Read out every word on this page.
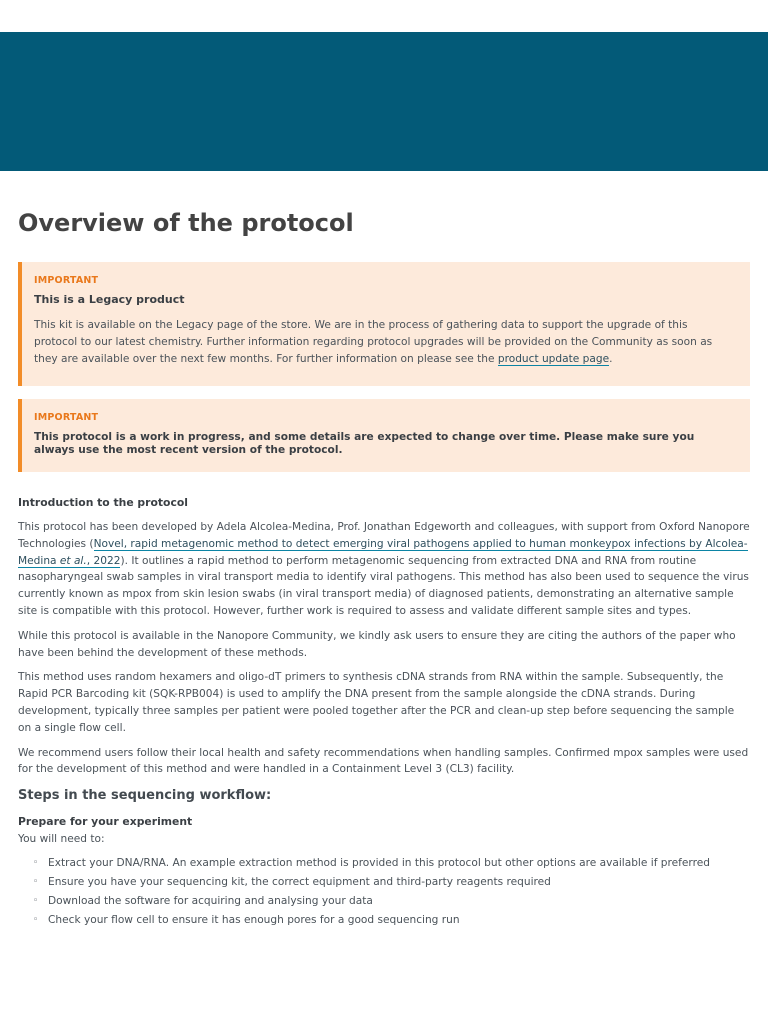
Overview of the protocol
IMPORTANT
This is a Legacy product
This kit is available on the Legacy page of the store. We are in the process of gathering data to support the upgrade of this protocol to our latest chemistry. Further information regarding protocol upgrades will be provided on the Community as soon as they are available over the next few months. For further information on please see the product update page.
IMPORTANT
This protocol is a work in progress, and some details are expected to change over time. Please make sure you always use the most recent version of the protocol.
Introduction to the protocol

This protocol has been developed by Adela Alcolea-Medina, Prof. Jonathan Edgeworth and colleagues, with support from Oxford Nanopore Technologies (Novel, rapid metagenomic method to detect emerging viral pathogens applied to human monkeypox infections by Alcolea-Medina et al., 2022). It outlines a rapid method to perform metagenomic sequencing from extracted DNA and RNA from routine nasopharyngeal swab samples in viral transport media to identify viral pathogens. This method has also been used to sequence the virus currently known as mpox from skin lesion swabs (in viral transport media) of diagnosed patients, demonstrating an alternative sample site is compatible with this protocol. However, further work is required to assess and validate different sample sites and types.

While this protocol is available in the Nanopore Community, we kindly ask users to ensure they are citing the authors of the paper who have been behind the development of these methods.

This method uses random hexamers and oligo-dT primers to synthesis cDNA strands from RNA within the sample. Subsequently, the Rapid PCR Barcoding kit (SQK-RPB004) is used to amplify the DNA present from the sample alongside the cDNA strands. During development, typically three samples per patient were pooled together after the PCR and clean-up step before sequencing the sample on a single flow cell.

We recommend users follow their local health and safety recommendations when handling samples. Confirmed mpox samples were used for the development of this method and were handled in a Containment Level 3 (CL3) facility.

Steps in the sequencing workflow:
Prepare for your experiment

You will need to:

◦ Extract your DNA/RNA. An example extraction method is provided in this protocol but other options are available if preferred
◦ Ensure you have your sequencing kit, the correct equipment and third-party reagents required
◦ Download the software for acquiring and analysing your data
◦ Check your flow cell to ensure it has enough pores for a good sequencing run
